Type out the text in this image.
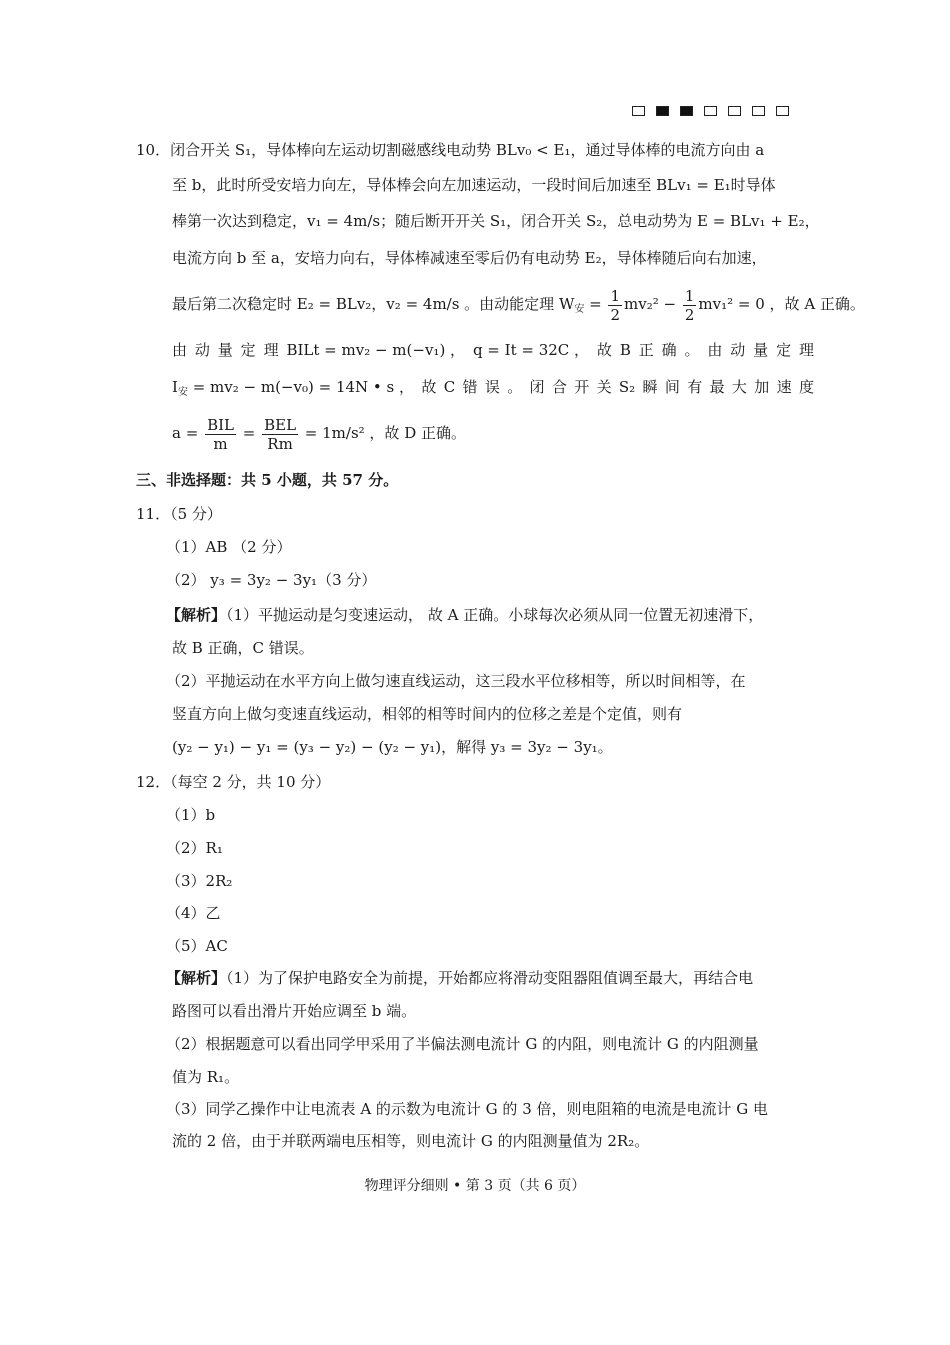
10．闭合开关 S₁，导体棒向左运动切割磁感线电动势 BLv₀ < E₁，通过导体棒的电流方向由 a
至 b，此时所受安培力向左，导体棒会向左加速运动，一段时间后加速至 BLv₁ = E₁时导体
棒第一次达到稳定，v₁ = 4m/s；随后断开开关 S₁，闭合开关 S₂，总电动势为 E = BLv₁ + E₂，
电流方向 b 至 a，安培力向右，导体棒减速至零后仍有电动势 E₂，导体棒随后向右加速，
最后第二次稳定时 E₂ = BLv₂，v₂ = 4m/s 。由动能定理 $W_安 = \frac{1}{2} mv_2^2 - \frac{1}{2} mv_1^2 = 0$ ，故 A 正确。
由 动 量 定 理 BILt = mv₂ − m(−v₁) ， q = It = 32C ， 故 B 正 确 。 由 动 量 定 理
$I_安 = mv_2 - m(-v_0) = 14N$ • s ， 故 C 错 误 。 闭 合 开 关 S₂ 瞬 间 有 最 大 加 速 度
$a = \frac{\text{BIL}}{m} = \frac{\text{BEL}}{Rm} = 1m/s^2$ ，故 D 正确。
三、非选择题：共 5 小题，共 57 分。
11．（5 分）
（1）AB （2 分）
（2） y₃ = 3y₂ − 3y₁（3 分）
【解析】（1）平抛运动是匀变速运动， 故 A 正确。小球每次必须从同一位置无初速滑下，
故 B 正确，C 错误。
（2）平抛运动在水平方向上做匀速直线运动，这三段水平位移相等，所以时间相等，在
竖直方向上做匀变速直线运动，相邻的相等时间内的位移之差是个定值，则有
(y₂ − y₁) − y₁ = (y₃ − y₂) − (y₂ − y₁)，解得 y₃ = 3y₂ − 3y₁。
12．（每空 2 分，共 10 分）
（1）b
（2）R₁
（3）2R₂
（4）乙
（5）AC
【解析】（1）为了保护电路安全为前提，开始都应将滑动变阻器阻值调至最大，再结合电
路图可以看出滑片开始应调至 b 端。
（2）根据题意可以看出同学甲采用了半偏法测电流计 G 的内阻，则电流计 G 的内阻测量
值为 R₁。
（3）同学乙操作中让电流表 A 的示数为电流计 G 的 3 倍，则电阻箱的电流是电流计 G 电
流的 2 倍，由于并联两端电压相等，则电流计 G 的内阻测量值为 2R₂。
物理评分细则 • 第 3 页（共 6 页）
